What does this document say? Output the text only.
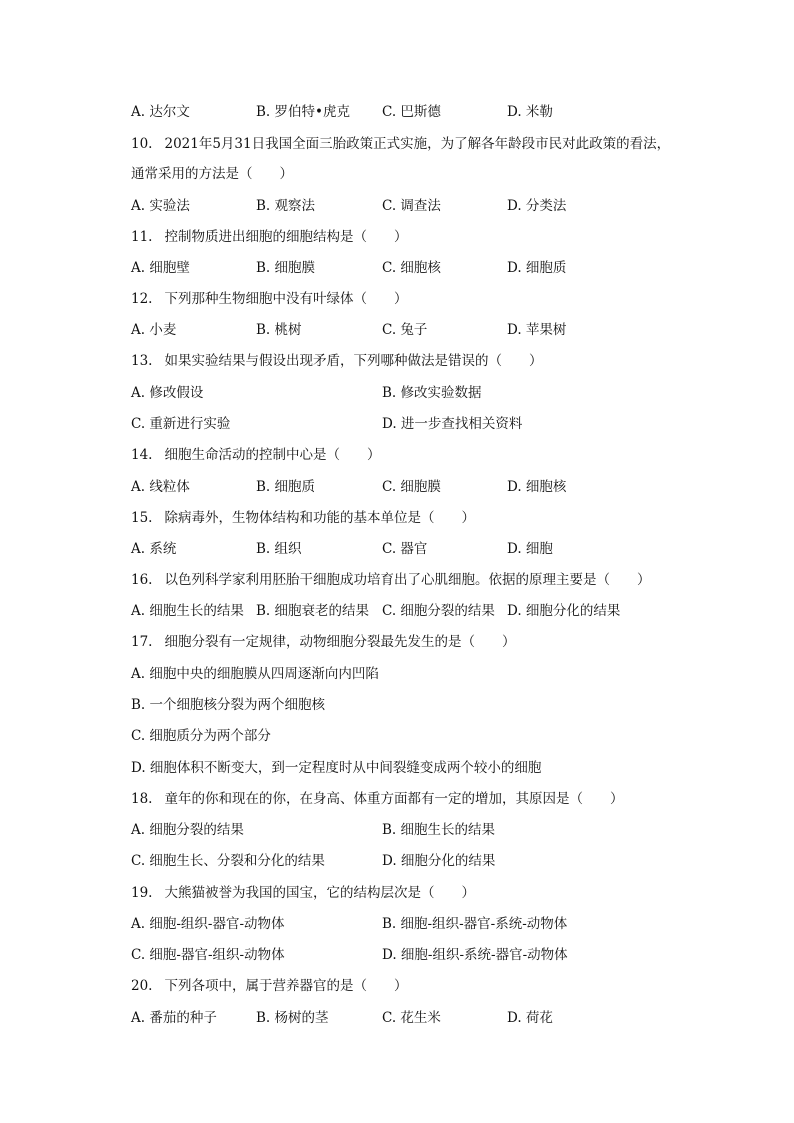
A. 达尔文	B. 罗伯特•虎克 C. 巴斯德	D. 米勒
10. 2021年5月31日我国全面三胎政策正式实施，为了解各年龄段市民对此政策的看法，
通常采用的方法是（　　）
A. 实验法	B. 观察法	C. 调查法	D. 分类法
11. 控制物质进出细胞的细胞结构是（　　）
A. 细胞壁	B. 细胞膜	C. 细胞核	D. 细胞质
12. 下列那种生物细胞中没有叶绿体（　　）
A. 小麦	B. 桃树	C. 兔子	D. 苹果树
13. 如果实验结果与假设出现矛盾，下列哪种做法是错误的（　　）
A. 修改假设	B. 修改实验数据
C. 重新进行实验	D. 进一步查找相关资料
14. 细胞生命活动的控制中心是（　　）
A. 线粒体	B. 细胞质	C. 细胞膜	D. 细胞核
15. 除病毒外，生物体结构和功能的基本单位是（　　）
A. 系统	B. 组织	C. 器官	D. 细胞
16. 以色列科学家利用胚胎干细胞成功培育出了心肌细胞。依据的原理主要是（　　）
A. 细胞生长的结果 B. 细胞衰老的结果 C. 细胞分裂的结果 D. 细胞分化的结果
17. 细胞分裂有一定规律，动物细胞分裂最先发生的是（　　）
A. 细胞中央的细胞膜从四周逐渐向内凹陷
B. 一个细胞核分裂为两个细胞核
C. 细胞质分为两个部分
D. 细胞体积不断变大，到一定程度时从中间裂缝变成两个较小的细胞
18. 童年的你和现在的你，在身高、体重方面都有一定的增加，其原因是（　　）
A. 细胞分裂的结果	B. 细胞生长的结果
C. 细胞生长、分裂和分化的结果	D. 细胞分化的结果
19. 大熊猫被誉为我国的国宝，它的结构层次是（　　）
A. 细胞-组织-器官-动物体	B. 细胞-组织-器官-系统-动物体
C. 细胞-器官-组织-动物体	D. 细胞-组织-系统-器官-动物体
20. 下列各项中，属于营养器官的是（　　）
A. 番茄的种子	B. 杨树的茎	C. 花生米	D. 荷花
